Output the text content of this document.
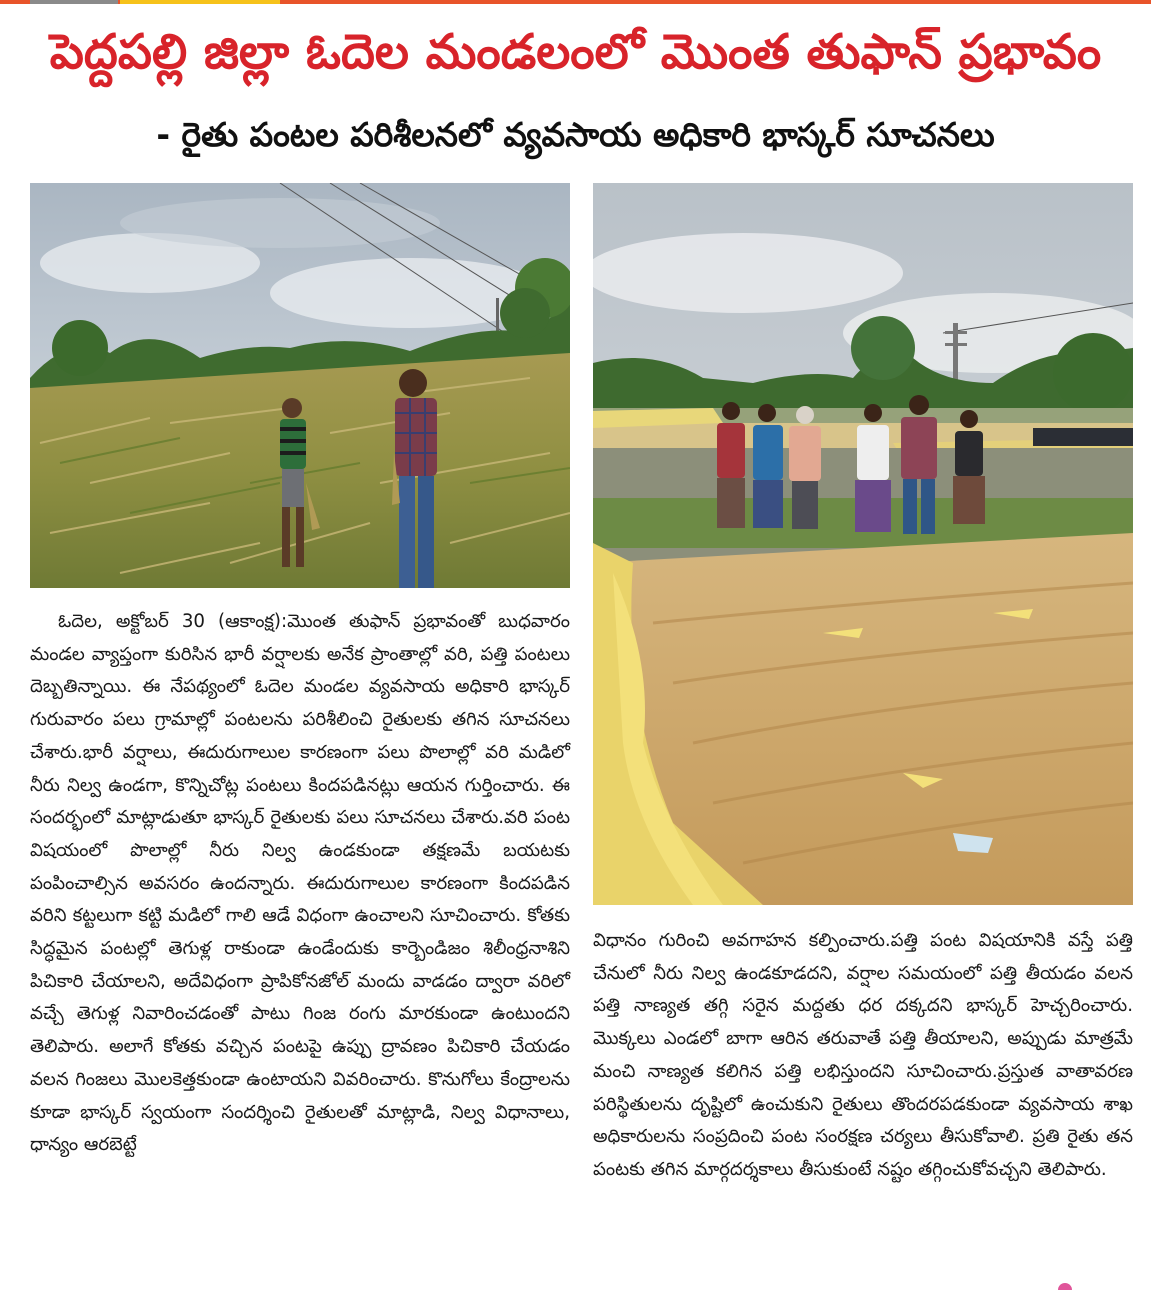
పెద్దపల్లి జిల్లా ఓదెల మండలంలో మొంత తుఫాన్ ప్రభావం
- రైతు పంటల పరిశీలనలో వ్యవసాయ అధికారి భాస్కర్ సూచనలు
ఓదెల, అక్టోబర్ 30 (ఆకాంక్ష):మొంత తుఫాన్ ప్రభావంతో బుధవారం మండల వ్యాప్తంగా కురిసిన భారీ వర్షాలకు అనేక ప్రాంతాల్లో వరి, పత్తి పంటలు దెబ్బతిన్నాయి. ఈ నేపథ్యంలో ఓదెల మండల వ్యవసాయ అధికారి భాస్కర్ గురువారం పలు గ్రామాల్లో పంటలను పరిశీలించి రైతులకు తగిన సూచనలు చేశారు.భారీ వర్షాలు, ఈదురుగాలుల కారణంగా పలు పొలాల్లో వరి మడిలో నీరు నిల్వ ఉండగా, కొన్నిచోట్ల పంటలు కిందపడినట్లు ఆయన గుర్తించారు. ఈ సందర్భంలో మాట్లాడుతూ భాస్కర్ రైతులకు పలు సూచనలు చేశారు.వరి పంట విషయంలో పొలాల్లో నీరు నిల్వ ఉండకుండా తక్షణమే బయటకు పంపించాల్సిన అవసరం ఉందన్నారు. ఈదురుగాలుల కారణంగా కిందపడిన వరిని కట్టలుగా కట్టి మడిలో గాలి ఆడే విధంగా ఉంచాలని సూచించారు. కోతకు సిద్ధమైన పంటల్లో తెగుళ్ల రాకుండా ఉండేందుకు కార్బెండిజం శిలీంధ్రనాశిని పిచికారి చేయాలని, అదేవిధంగా ప్రాపికోనజోల్ మందు వాడడం ద్వారా వరిలో వచ్చే తెగుళ్ల నివారించడంతో పాటు గింజ రంగు మారకుండా ఉంటుందని తెలిపారు. అలాగే కోతకు వచ్చిన పంటపై ఉప్పు ద్రావణం పిచికారి చేయడం వలన గింజలు మొలకెత్తకుండా ఉంటాయని వివరించారు. కొనుగోలు కేంద్రాలను కూడా భాస్కర్ స్వయంగా సందర్శించి రైతులతో మాట్లాడి, నిల్వ విధానాలు, ధాన్యం ఆరబెట్టే
విధానం గురించి అవగాహన కల్పించారు.పత్తి పంట విషయానికి వస్తే పత్తి చేనులో నీరు నిల్వ ఉండకూడదని, వర్షాల సమయంలో పత్తి తీయడం వలన పత్తి నాణ్యత తగ్గి సరైన మద్దతు ధర దక్కదని భాస్కర్ హెచ్చరించారు. మొక్కలు ఎండలో బాగా ఆరిన తరువాతే పత్తి తీయాలని, అప్పుడు మాత్రమే మంచి నాణ్యత కలిగిన పత్తి లభిస్తుందని సూచించారు.ప్రస్తుత వాతావరణ పరిస్థితులను దృష్టిలో ఉంచుకుని రైతులు తొందరపడకుండా వ్యవసాయ శాఖ అధికారులను సంప్రదించి పంట సంరక్షణ చర్యలు తీసుకోవాలి. ప్రతి రైతు తన పంటకు తగిన మార్గదర్శకాలు తీసుకుంటే నష్టం తగ్గించుకోవచ్చని తెలిపారు.
